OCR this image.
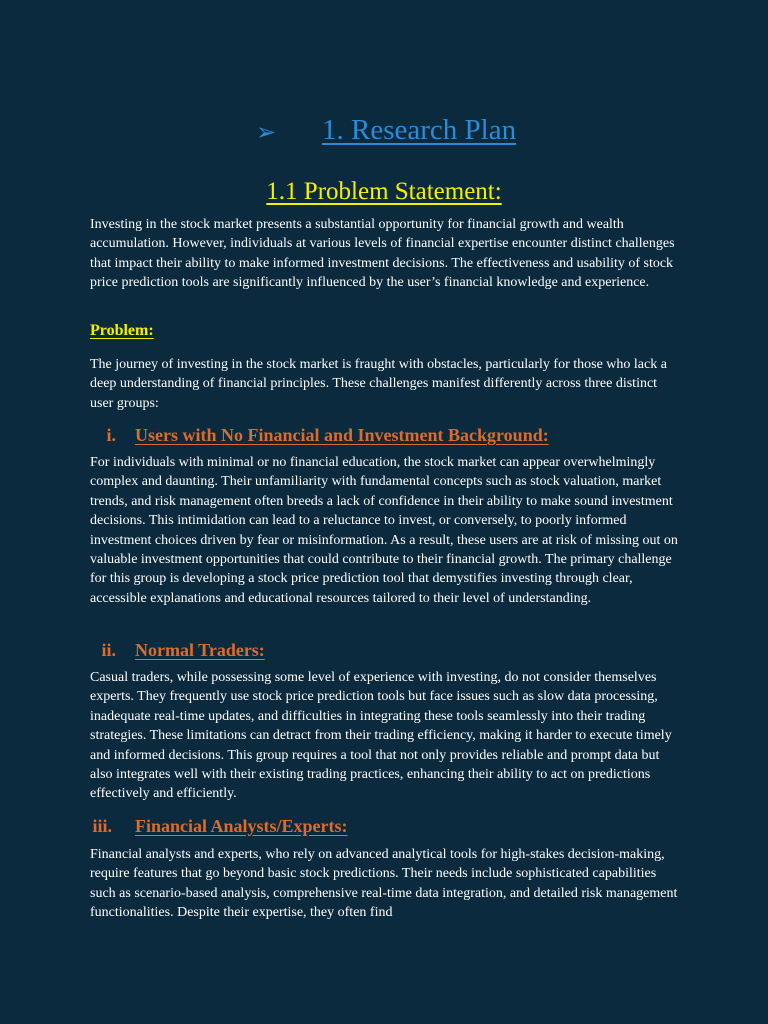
➢ 1. Research Plan
1.1 Problem Statement:
Investing in the stock market presents a substantial opportunity for financial growth and wealth accumulation. However, individuals at various levels of financial expertise encounter distinct challenges that impact their ability to make informed investment decisions. The effectiveness and usability of stock price prediction tools are significantly influenced by the user’s financial knowledge and experience.
Problem:
The journey of investing in the stock market is fraught with obstacles, particularly for those who lack a deep understanding of financial principles. These challenges manifest differently across three distinct user groups:
i. Users with No Financial and Investment Background:
For individuals with minimal or no financial education, the stock market can appear overwhelmingly complex and daunting. Their unfamiliarity with fundamental concepts such as stock valuation, market trends, and risk management often breeds a lack of confidence in their ability to make sound investment decisions. This intimidation can lead to a reluctance to invest, or conversely, to poorly informed investment choices driven by fear or misinformation. As a result, these users are at risk of missing out on valuable investment opportunities that could contribute to their financial growth. The primary challenge for this group is developing a stock price prediction tool that demystifies investing through clear, accessible explanations and educational resources tailored to their level of understanding.
ii. Normal Traders:
Casual traders, while possessing some level of experience with investing, do not consider themselves experts. They frequently use stock price prediction tools but face issues such as slow data processing, inadequate real-time updates, and difficulties in integrating these tools seamlessly into their trading strategies. These limitations can detract from their trading efficiency, making it harder to execute timely and informed decisions. This group requires a tool that not only provides reliable and prompt data but also integrates well with their existing trading practices, enhancing their ability to act on predictions effectively and efficiently.
iii. Financial Analysts/Experts:
Financial analysts and experts, who rely on advanced analytical tools for high-stakes decision-making, require features that go beyond basic stock predictions. Their needs include sophisticated capabilities such as scenario-based analysis, comprehensive real-time data integration, and detailed risk management functionalities. Despite their expertise, they often find
